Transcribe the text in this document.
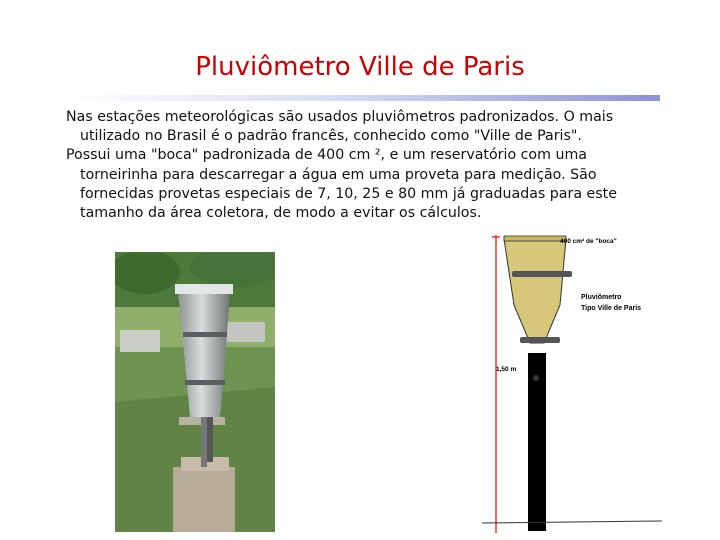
Pluviômetro Ville de Paris

Nas estações meteorológicas são usados pluviômetros padronizados. O mais utilizado no Brasil é o padrão francês, conhecido como "Ville de Paris".

Possui uma "boca" padronizada de 400 cm ², e um reservatório com uma torneirinha para descarregar a água em uma proveta para medição. São fornecidas provetas especiais de 7, 10, 25 e 80 mm já graduadas para este tamanho da área coletora, de modo a evitar os cálculos.

400 cm² de "boca"
Pluviômetro
Tipo Ville de Paris
1,50 m
